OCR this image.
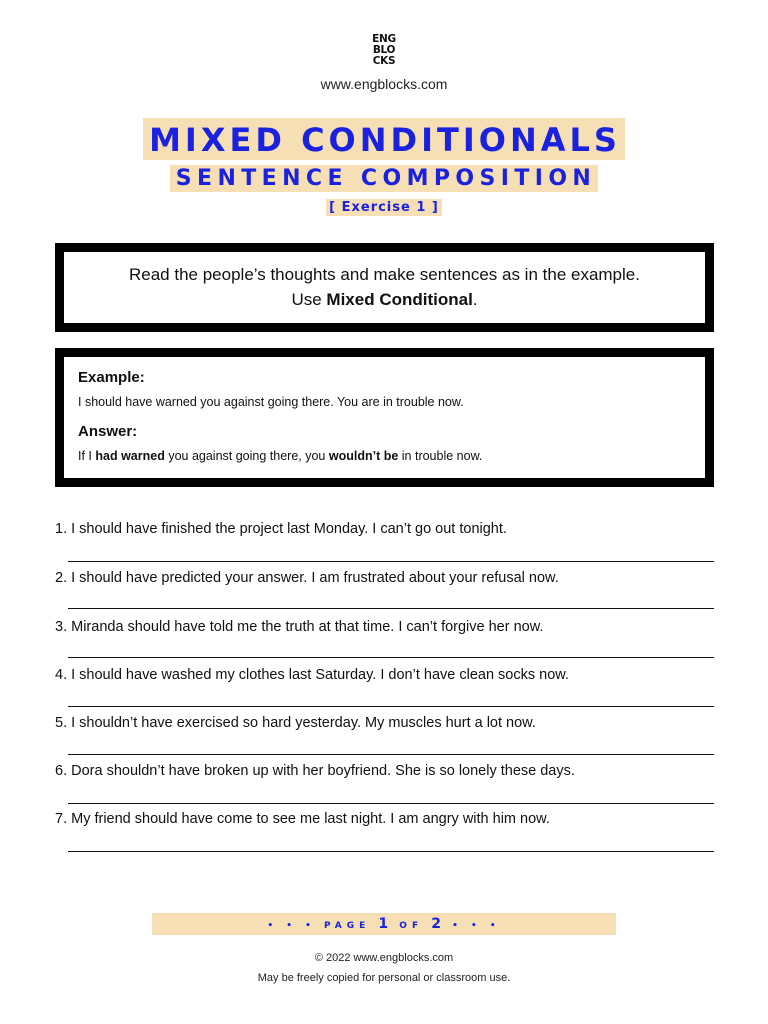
ENG
BLO
CKS
www.engblocks.com
MIXED CONDITIONALS
SENTENCE COMPOSITION
[ Exercise 1 ]
Read the people’s thoughts and make sentences as in the example.
Use Mixed Conditional.

Example:

I should have warned you against going there. You are in trouble now.

Answer:

If I had warned you against going there, you wouldn’t be in trouble now.

1. I should have finished the project last Monday. I can’t go out tonight.
2. I should have predicted your answer. I am frustrated about your refusal now.
3. Miranda should have told me the truth at that time. I can’t forgive her now.
4. I should have washed my clothes last Saturday. I don’t have clean socks now.
5. I shouldn’t have exercised so hard yesterday. My muscles hurt a lot now.
6. Dora shouldn’t have broken up with her boyfriend. She is so lonely these days.
7. My friend should have come to see me last night. I am angry with him now.
• • • PAGE 1 OF 2 • • •
© 2022 www.engblocks.com
May be freely copied for personal or classroom use.
